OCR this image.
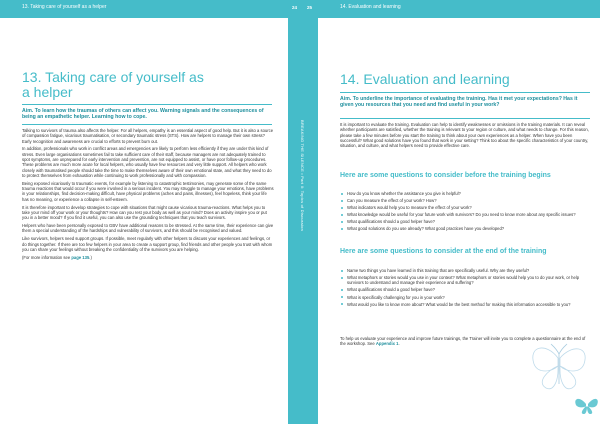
13. Taking care of yourself as a helper
13. Taking care of yourself as
a helper
Aim. To learn how the traumas of others can affect you. Warning signals and the consequences of being an empathetic helper. Learning how to cope.

Talking to survivors of trauma also affects the helper. For all helpers, empathy is an essential aspect of good help. But it is also a source of compassion fatigue, vicarious traumatisation, or secondary traumatic stress (STS). How are helpers to manage their own stress? Early recognition and awareness are crucial to efforts to prevent burn out.

In addition, professionals who work in conflict areas and emergencies are likely to perform less efficiently if they are under this kind of stress. Even large organisations sometimes fail to take sufficient care of their staff, because managers are not adequately trained to spot symptoms, are unprepared for early intervention and prevention, are not equipped to assist, or have poor follow-up procedures. These problems are much more acute for local helpers, who usually have few resources and very little support. All helpers who work closely with traumatised people should take the time to make themselves aware of their own emotional state, and what they need to do to protect themselves from exhaustion while continuing to work professionally and with compassion.

Being exposed vicariously to traumatic events, for example by listening to catastrophic testimonies, may generate some of the same trauma reactions that would occur if you were involved in a serious incident. You may struggle to manage your emotions, have problems in your relationships, find decision-making difficult, have physical problems (aches and pains, illnesses), feel hopeless, think your life has no meaning, or experience a collapse in self-esteem.

It is therefore important to develop strategies to cope with situations that might cause vicarious trauma-reactions. What helps you to take your mind off your work or your thoughts? How can you rest your body as well as your mind? Does an activity inspire you or put you in a better mood? If you find it useful, you can also use the grounding techniques that you teach survivors.

Helpers who have been personally exposed to GBV have additional reasons to be stressed. At the same time, their experience can give them a special understanding of the hardships and vulnerability of survivors, and this should be recognised and valued.

Like survivors, helpers need support groups. If possible, meet regularly with other helpers to discuss your experiences and feelings, or do things together. If there are too few helpers in your area to create a support group, find friends and other people you trust with whom you can share your feelings without breaking the confidentiality of the survivors you are helping.

(For more information see page 135.)

24 25
BREAKING THE SILENCE • Part II: Topics of Discussion
14. Evaluation and learning
14. Evaluation and learning
Aim. To underline the importance of evaluating the training. Has it met your expectations? Has it given you resources that you need and find useful in your work?
It is important to evaluate the training. Evaluation can help to identify weaknesses or omissions in the training materials. It can reveal whether participants are satisfied, whether the training is relevant to your region or culture, and what needs to change. For this reason, please take a few minutes before you start the training to think about your own experiences as a helper. When have you been successful? What good solutions have you found that work in your setting? Think too about the specific characteristics of your country, situation, and culture, and what helpers need to provide effective care.
Here are some questions to consider before the training begins
How do you know whether the assistance you give is helpful?
Can you measure the effect of your work? How?
What indicators would help you to measure the effect of your work?
What knowledge would be useful for your future work with survivors? Do you need to know more about any specific issues?
What qualifications should a good helper have?
What good solutions do you use already? What good practices have you developed?
Here are some questions to consider at the end of the training
Name two things you have learned in this training that are specifically useful. Why are they useful?
What metaphors or stories would you use in your context? What metaphors or stories would help you to do your work, or help survivors to understand and manage their experience and suffering?
What qualifications should a good helper have?
What is specifically challenging for you in your work?
What would you like to know more about? What would be the best method for making this information accessible to you?
To help us evaluate your experience and improve future trainings, the Trainer will invite you to complete a questionnaire at the end of the workshop. See Appendix 1.
